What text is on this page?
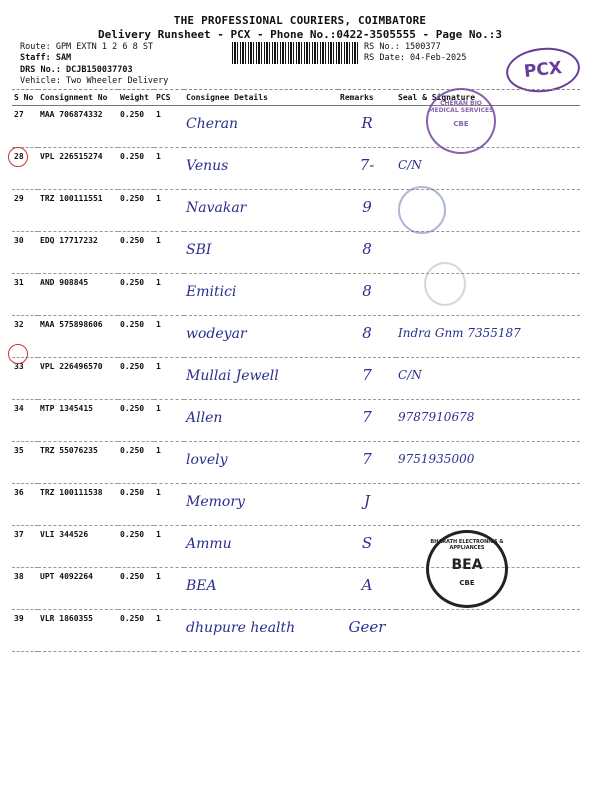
THE PROFESSIONAL COURIERS, COIMBATORE
Delivery Runsheet - PCX - Phone No.:0422-3505555 - Page No.:3
Route: GPM EXTN 1 2 6 8 ST
Staff: SAM
DRS No.: DCJB150037703
Vehicle: Two Wheeler Delivery
RS No.: 1500377
RS Date: 04-Feb-2025
PCX
S No	Consignment No	Weight	PCS	Consignee Details	Remarks	Seal & Signature
27	MAA 706874332	0.250	1	Cheran	R	

28	VPL 226515274	0.250	1	Venus	7-	C/N

29	TRZ 100111551	0.250	1	Navakar	9	

30	EDQ 17717232	0.250	1	SBI	8	

31	AND 908845	0.250	1	Emitici	8	

32	MAA 575898606	0.250	1	wodeyar	8	Indra Gnm 7355187

33	VPL 226496570	0.250	1	Mullai Jewell	7	C/N

34	MTP 1345415	0.250	1	Allen	7	9787910678

35	TRZ 55076235	0.250	1	lovely	7	9751935000

36	TRZ 100111538	0.250	1	Memory	J	

37	VLI 344526	0.250	1	Ammu	S	

38	UPT 4092264	0.250	1	BEA	A	

39	VLR 1860355	0.250	1	dhupure health	Geer	

CHERAN BIO MEDICAL SERVICES
CBE
BHARATH ELECTRONICS & APPLIANCES
BEA
CBE
